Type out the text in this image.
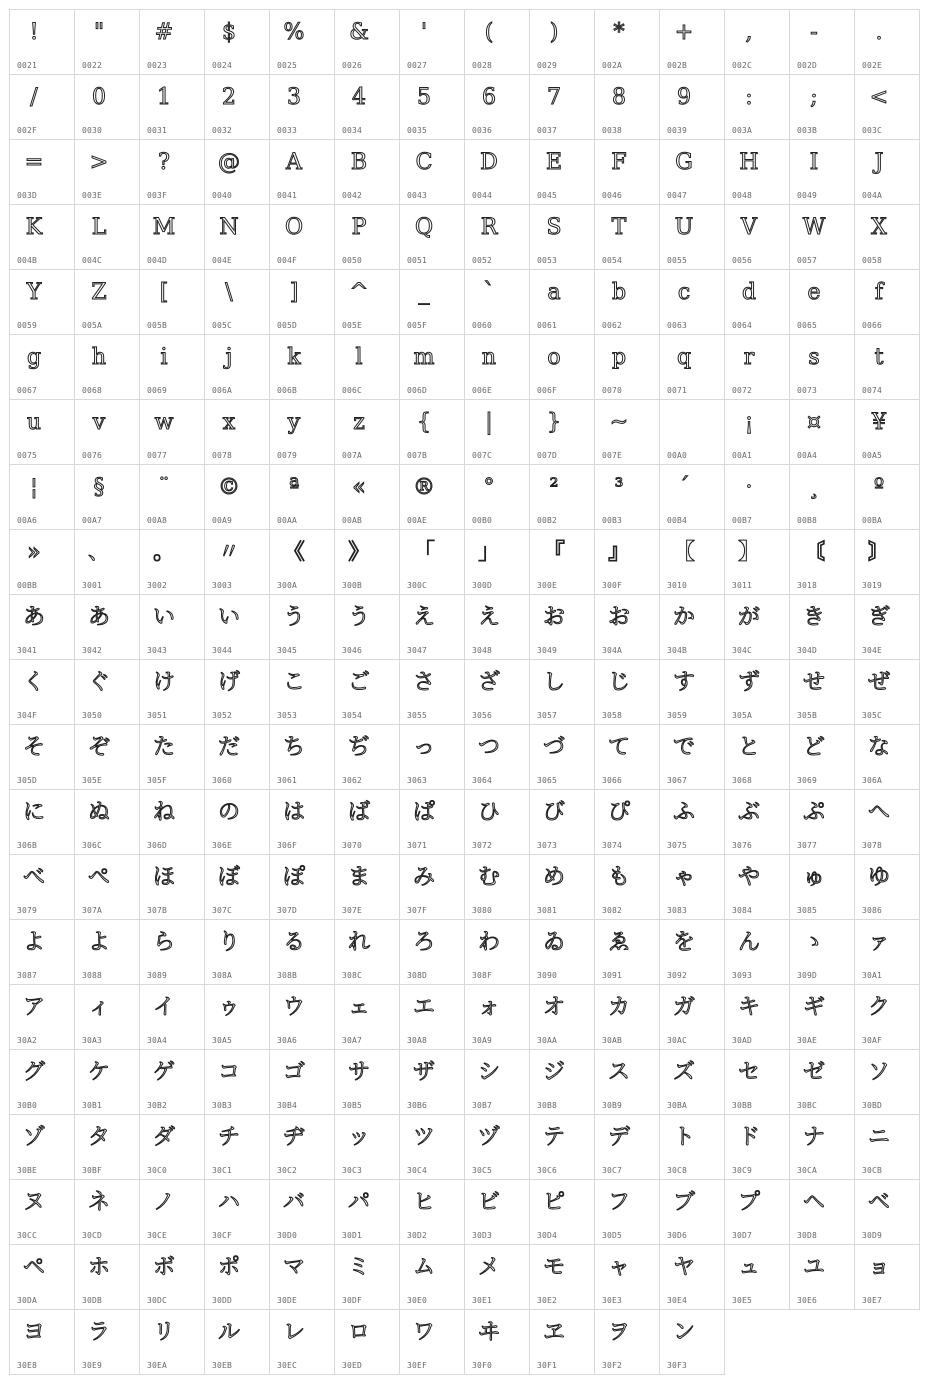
!
0021
"
0022
#
0023
$
0024
%
0025
&
0026
'
0027
(
0028
)
0029
*
002A
+
002B
,
002C
-
002D
.
002E
/
002F
0
0030
1
0031
2
0032
3
0033
4
0034
5
0035
6
0036
7
0037
8
0038
9
0039
:
003A
;
003B
<
003C
=
003D
>
003E
?
003F
@
0040
A
0041
B
0042
C
0043
D
0044
E
0045
F
0046
G
0047
H
0048
I
0049
J
004A
K
004B
L
004C
M
004D
N
004E
O
004F
P
0050
Q
0051
R
0052
S
0053
T
0054
U
0055
V
0056
W
0057
X
0058
Y
0059
Z
005A
[
005B
\
005C
]
005D
^
005E
_
005F
`
0060
a
0061
b
0062
c
0063
d
0064
e
0065
f
0066
g
0067
h
0068
i
0069
j
006A
k
006B
l
006C
m
006D
n
006E
o
006F
p
0070
q
0071
r
0072
s
0073
t
0074
u
0075
v
0076
w
0077
x
0078
y
0079
z
007A
{
007B
|
007C
}
007D
~
007E	00A0
¡
00A1
¤
00A4
¥
00A5
¦
00A6
§
00A7
¨
00A8
©
00A9
ª
00AA
«
00AB
®
00AE
°
00B0
²
00B2
³
00B3
´
00B4
·
00B7
¸
00B8
º
00BA
»
00BB
、
3001
。
3002
〃
3003
《
300A
》
300B
「
300C
」
300D
『
300E
』
300F
【
3010
】
3011
〘
3018
〙
3019
あ
3041
あ
3042
い
3043
い
3044
う
3045
う
3046
え
3047
え
3048
お
3049
お
304A
か
304B
が
304C
き
304D
ぎ
304E
く
304F
ぐ
3050
け
3051
げ
3052
こ
3053
ご
3054
さ
3055
ざ
3056
し
3057
じ
3058
す
3059
ず
305A
せ
305B
ぜ
305C
そ
305D
ぞ
305E
た
305F
だ
3060
ち
3061
ぢ
3062
っ
3063
つ
3064
づ
3065
て
3066
で
3067
と
3068
ど
3069
な
306A
に
306B
ぬ
306C
ね
306D
の
306E
は
306F
ば
3070
ぱ
3071
ひ
3072
び
3073
ぴ
3074
ふ
3075
ぶ
3076
ぷ
3077
へ
3078
べ
3079
ぺ
307A
ほ
307B
ぼ
307C
ぽ
307D
ま
307E
み
307F
む
3080
め
3081
も
3082
ゃ
3083
や
3084
ゅ
3085
ゆ
3086
よ
3087
よ
3088
ら
3089
り
308A
る
308B
れ
308C
ろ
308D
わ
308F
ゐ
3090
ゑ
3091
を
3092
ん
3093
ゝ
309D
ァ
30A1
ア
30A2
ィ
30A3
イ
30A4
ゥ
30A5
ウ
30A6
ェ
30A7
エ
30A8
ォ
30A9
オ
30AA
カ
30AB
ガ
30AC
キ
30AD
ギ
30AE
ク
30AF
グ
30B0
ケ
30B1
ゲ
30B2
コ
30B3
ゴ
30B4
サ
30B5
ザ
30B6
シ
30B7
ジ
30B8
ス
30B9
ズ
30BA
セ
30BB
ゼ
30BC
ソ
30BD
ゾ
30BE
タ
30BF
ダ
30C0
チ
30C1
ヂ
30C2
ッ
30C3
ツ
30C4
ヅ
30C5
テ
30C6
デ
30C7
ト
30C8
ド
30C9
ナ
30CA
ニ
30CB
ヌ
30CC
ネ
30CD
ノ
30CE
ハ
30CF
バ
30D0
パ
30D1
ヒ
30D2
ビ
30D3
ピ
30D4
フ
30D5
ブ
30D6
プ
30D7
ヘ
30D8
ベ
30D9
ペ
30DA
ホ
30DB
ボ
30DC
ポ
30DD
マ
30DE
ミ
30DF
ム
30E0
メ
30E1
モ
30E2
ャ
30E3
ヤ
30E4
ュ
30E5
ユ
30E6
ョ
30E7
ヨ
30E8
ラ
30E9
リ
30EA
ル
30EB
レ
30EC
ロ
30ED
ワ
30EF
ヰ
30F0
ヱ
30F1
ヲ
30F2
ン
30F3
